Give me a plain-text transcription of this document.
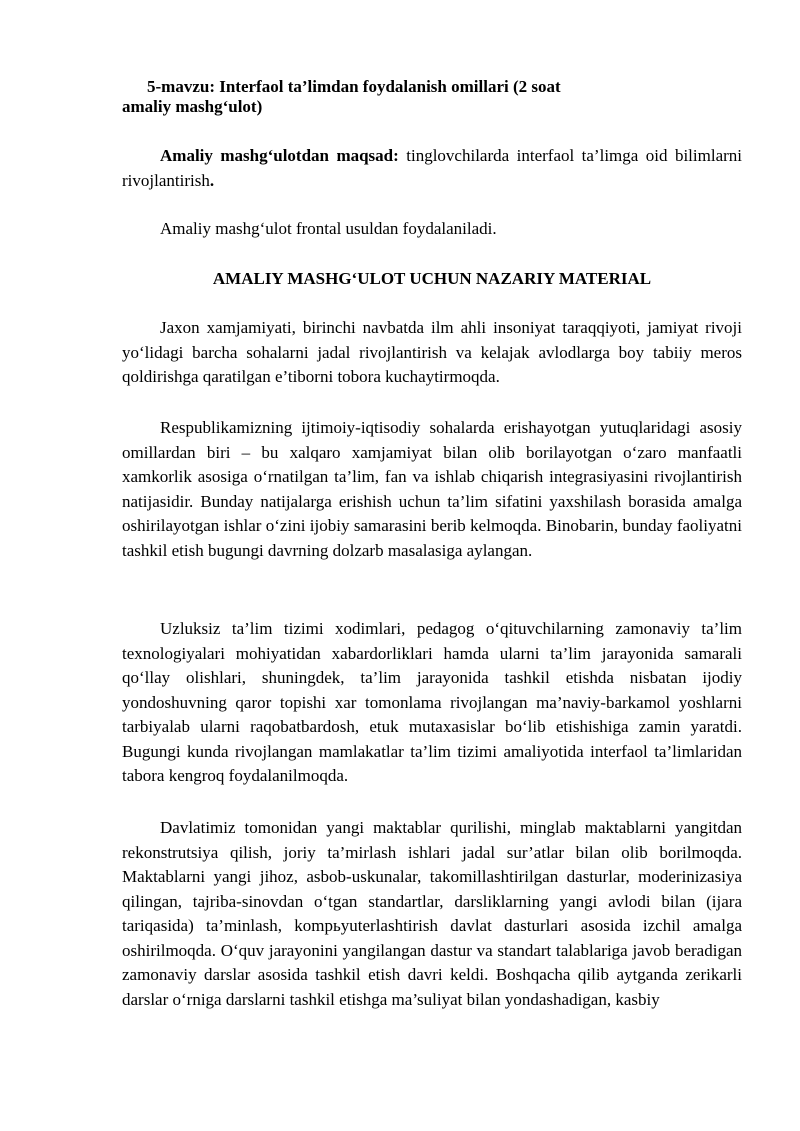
5-mavzu: Interfaol ta’limdan foydalanish omillari (2 soat
amaliy mashg‘ulot)

Amaliy mashg‘ulotdan maqsad: tinglovchilarda interfaol ta’limga oid bilimlarni rivojlantirish.

Amaliy mashg‘ulot frontal usuldan foydalaniladi.

AMALIY MASHG‘ULOT UCHUN NAZARIY MATERIAL

Jaxon xamjamiyati, birinchi navbatda ilm ahli insoniyat taraqqiyoti, jamiyat rivoji yo‘lidagi barcha sohalarni jadal rivojlantirish va kelajak avlodlarga boy tabiiy meros qoldirishga qaratilgan e’tiborni tobora kuchaytirmoqda.

Respublikamizning ijtimoiy-iqtisodiy sohalarda erishayotgan yutuqlaridagi asosiy omillardan biri – bu xalqaro xamjamiyat bilan olib borilayotgan o‘zaro manfaatli xamkorlik asosiga o‘rnatilgan ta’lim, fan va ishlab chiqarish integrasiyasini rivojlantirish natijasidir. Bunday natijalarga erishish uchun ta’lim sifatini yaxshilash borasida amalga oshirilayotgan ishlar o‘zini ijobiy samarasini berib kelmoqda. Binobarin, bunday faoliyatni tashkil etish bugungi davrning dolzarb masalasiga aylangan.

Uzluksiz ta’lim tizimi xodimlari, pedagog o‘qituvchilarning zamonaviy ta’lim texnologiyalari mohiyatidan xabardorliklari hamda ularni ta’lim jarayonida samarali qo‘llay olishlari, shuningdek, ta’lim jarayonida tashkil etishda nisbatan ijodiy yondoshuvning qaror topishi xar tomonlama rivojlangan ma’naviy-barkamol yoshlarni tarbiyalab ularni raqobatbardosh, etuk mutaxasislar bo‘lib etishishiga zamin yaratdi. Bugungi kunda rivojlangan mamlakatlar ta’lim tizimi amaliyotida interfaol ta’limlaridan tabora kengroq foydalanilmoqda.

Davlatimiz tomonidan yangi maktablar qurilishi, minglab maktablarni yangitdan rekonstrutsiya qilish, joriy ta’mirlash ishlari jadal sur’atlar bilan olib borilmoqda. Maktablarni yangi jihoz, asbob-uskunalar, takomillashtirilgan dasturlar, moderinizasiya qilingan, tajriba-sinovdan o‘tgan standartlar, darsliklarning yangi avlodi bilan (ijara tariqasida) ta’minlash, kompьyuterlashtirish davlat dasturlari asosida izchil amalga oshirilmoqda. O‘quv jarayonini yangilangan dastur va standart talablariga javob beradigan zamonaviy darslar asosida tashkil etish davri keldi. Boshqacha qilib aytganda zerikarli darslar o‘rniga darslarni tashkil etishga ma’suliyat bilan yondashadigan, kasbiy
